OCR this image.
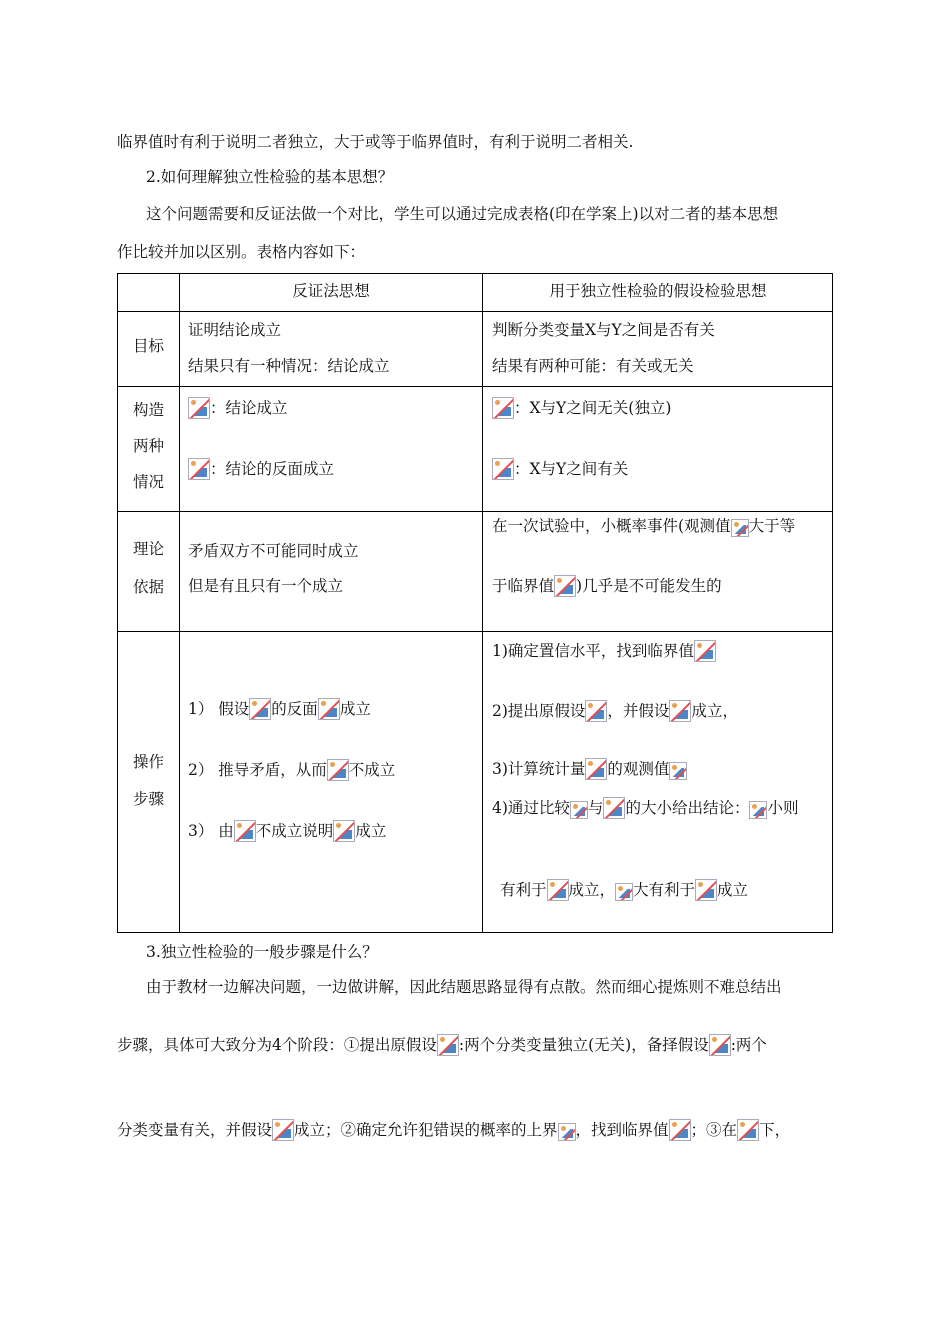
临界值时有利于说明二者独立，大于或等于临界值时，有利于说明二者相关.
2.如何理解独立性检验的基本思想？
这个问题需要和反证法做一个对比，学生可以通过完成表格(印在学案上)以对二者的基本思想
作比较并加以区别。表格内容如下：
反证法思想	用于独立性检验的假设检验思想
目标
证明结论成立
结果只有一种情况：结论成立
判断分类变量X与Y之间是否有关
结果有两种可能：有关或无关
构造
两种
情况
：结论成立
：结论的反面成立
：X与Y之间无关(独立)
：X与Y之间有关
理论
依据
矛盾双方不可能同时成立
但是有且只有一个成立
在一次试验中，小概率事件(观测值 大于等
于临界值 )几乎是不可能发生的
操作
步骤
1） 假设 的反面 成立
2） 推导矛盾，从而 不成立
3） 由 不成立说明 成立
1)确定置信水平，找到临界值
2)提出原假设 ，并假设 成立，
3)计算统计量 的观测值
4)通过比较 与 的大小给出结论： 小则
有利于 成立， 大有利于 成立
3.独立性检验的一般步骤是什么？
由于教材一边解决问题，一边做讲解，因此结题思路显得有点散。然而细心提炼则不难总结出
步骤，具体可大致分为4个阶段：①提出原假设 :两个分类变量独立(无关)，备择假设 :两个
分类变量有关，并假设 成立；②确定允许犯错误的概率的上界 ，找到临界值 ；③在 下，
